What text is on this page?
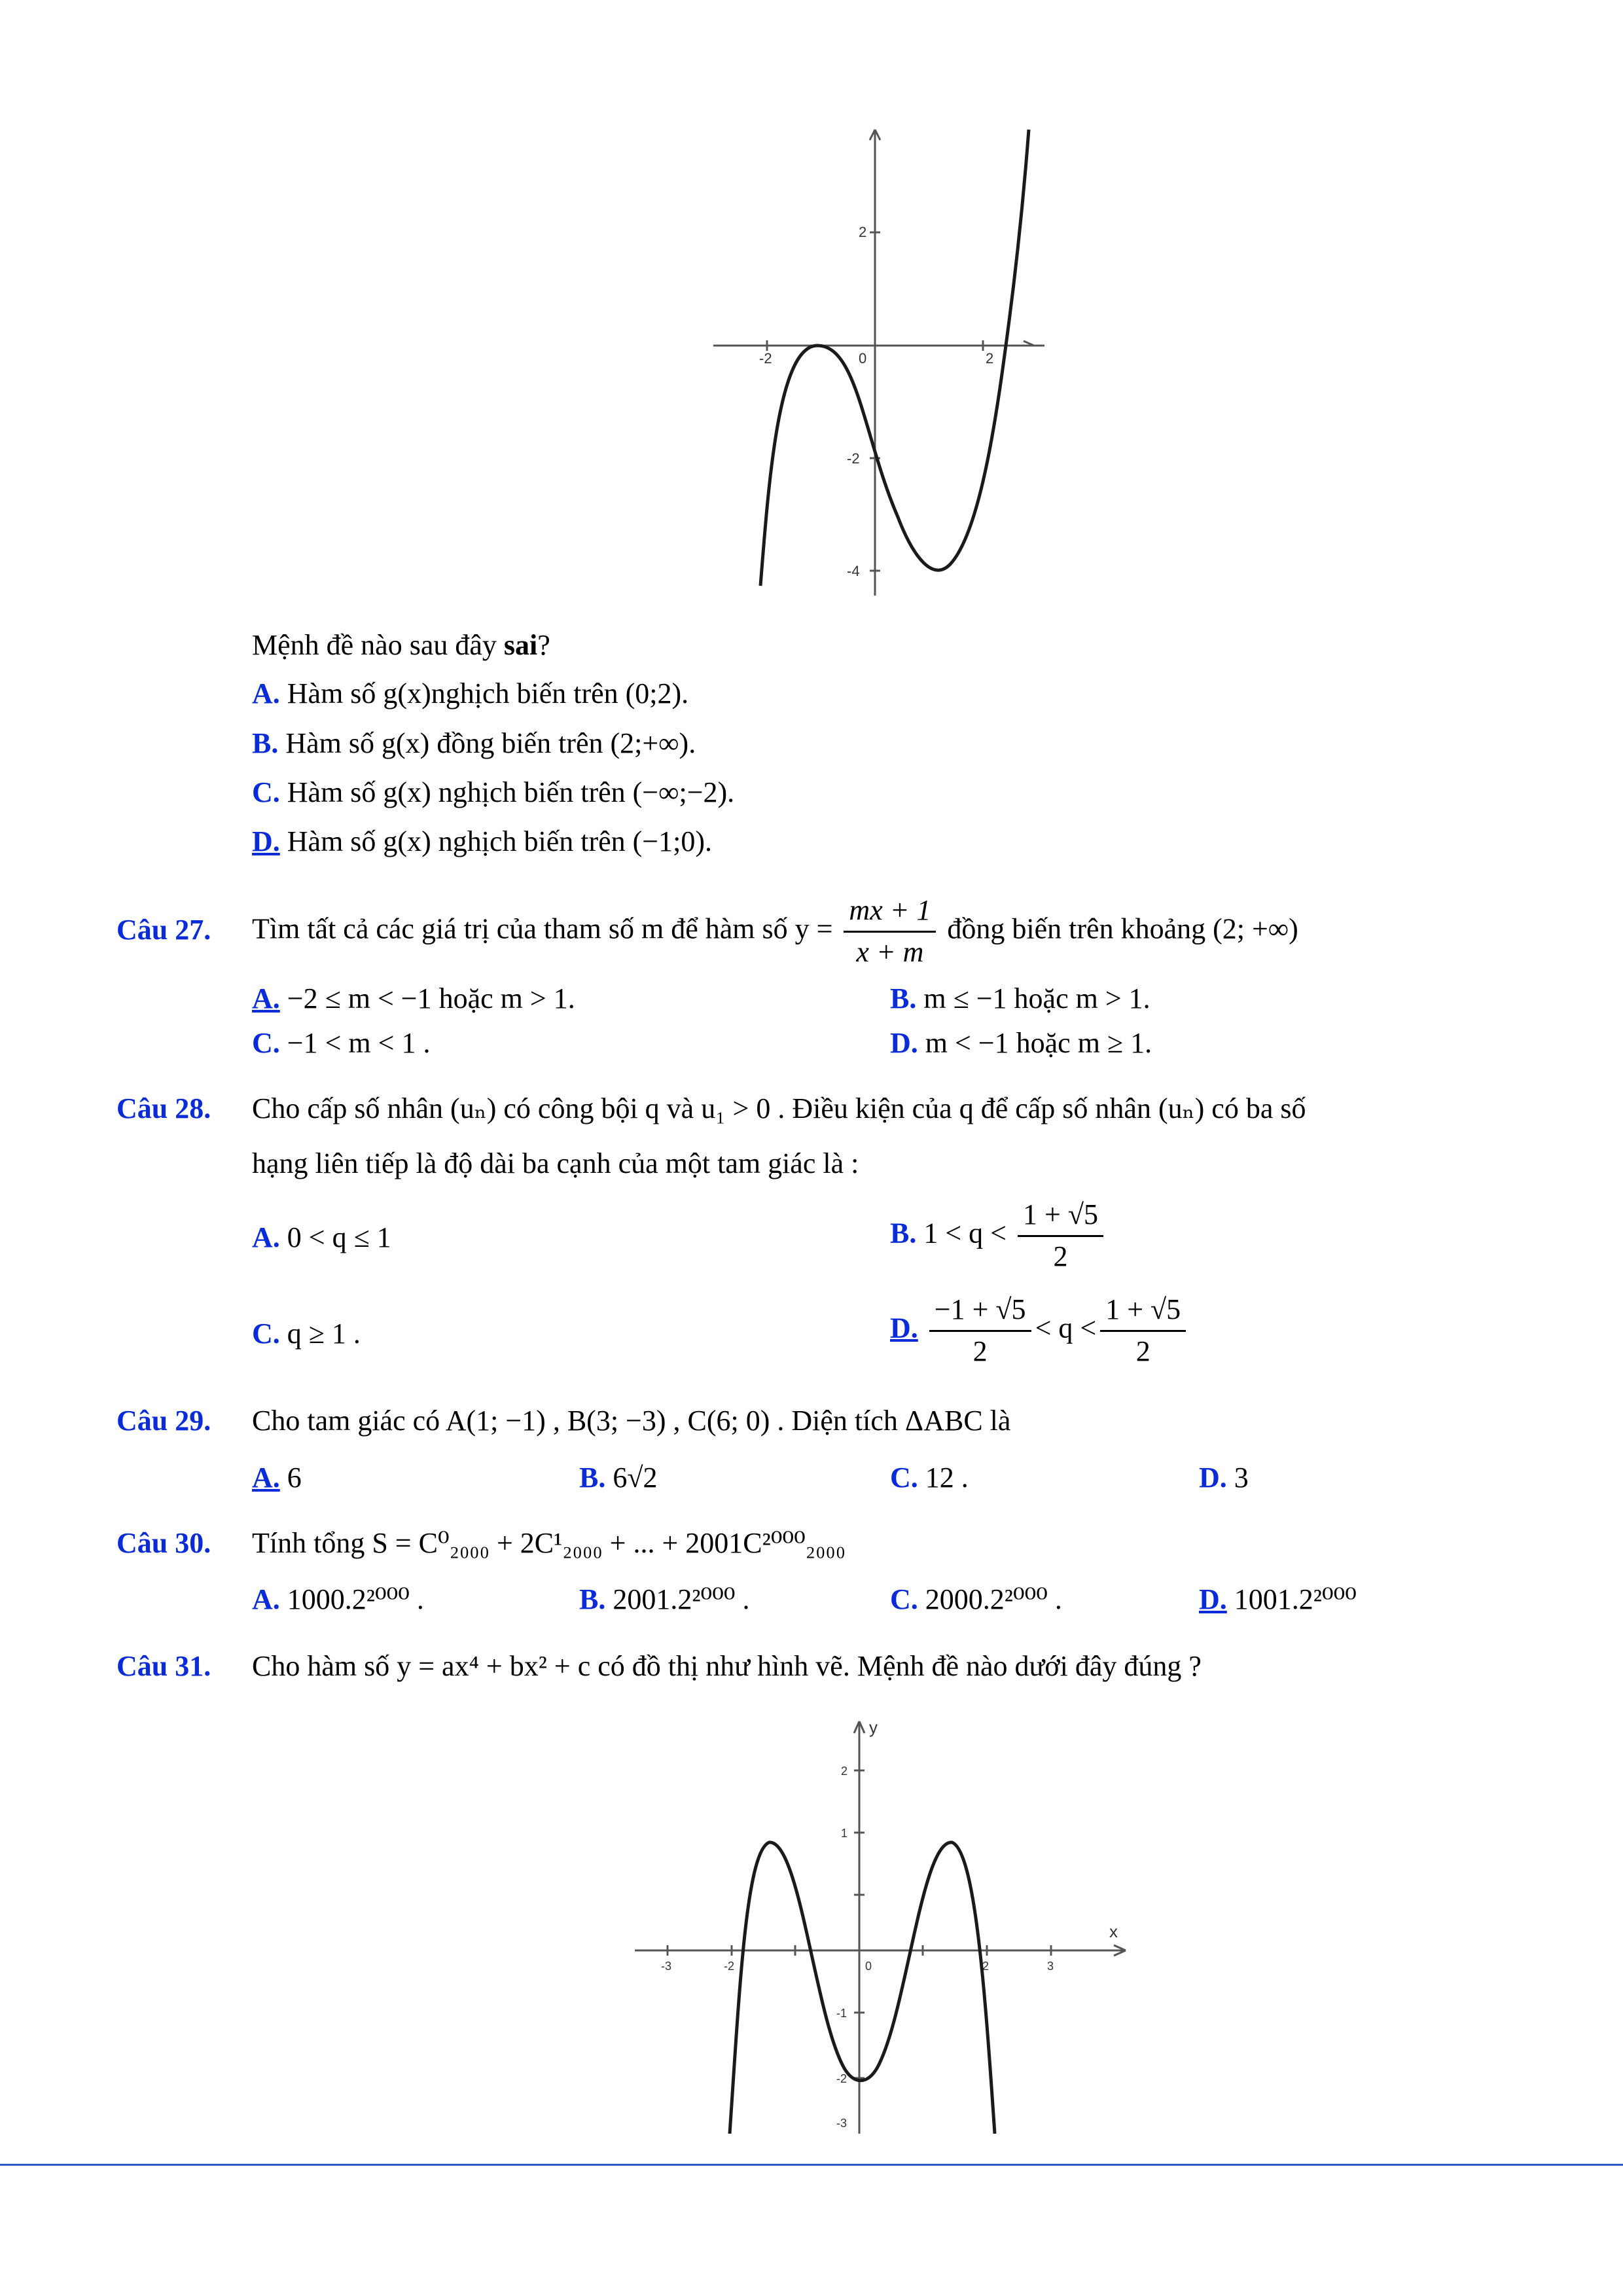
-2	0	2
2
-2
-4
Mệnh đề nào sau đây sai?
A. Hàm số g(x)nghịch biến trên (0;2).
B. Hàm số g(x) đồng biến trên (2;+∞).
C. Hàm số g(x) nghịch biến trên (−∞;−2).
D. Hàm số g(x) nghịch biến trên (−1;0).
Câu 27. Tìm tất cả các giá trị của tham số m để hàm số $y = \frac{mx + 1}{x + m}$ đồng biến trên khoảng (2; +∞)
A. −2 ≤ m < −1 hoặc m > 1.	B. m ≤ −1 hoặc m > 1.
C. −1 < m < 1 .	D. m < −1 hoặc m ≥ 1.
Câu 28. Cho cấp số nhân (uₙ) có công bội q và u₁ > 0 . Điều kiện của q để cấp số nhân (uₙ) có ba số
hạng liên tiếp là độ dài ba cạnh của một tam giác là :
A. 0 < q ≤ 1	B. $1 < q < \frac{1 + √5}{2}$
C. q ≥ 1 .	D. $\frac{-1 + √5}{2} < q < \frac{1 + √5}{2}$
Câu 29. Cho tam giác có A(1; −1) , B(3; −3) , C(6; 0) . Diện tích ΔABC là
A. 6	B. 6√2	C. 12 .	D. 3
Câu 30. Tính tổng S = C⁰₂₀₀₀ + 2C¹₂₀₀₀ + ... + 2001C²⁰⁰⁰₂₀₀₀
A. 1000.2²⁰⁰⁰ .	B. 2001.2²⁰⁰⁰ .	C. 2000.2²⁰⁰⁰ .	D. 1001.2²⁰⁰⁰
Câu 31. Cho hàm số y = ax⁴ + bx² + c có đồ thị như hình vẽ. Mệnh đề nào dưới đây đúng ?
x
y
-3	-2	0	2	3
2
1
-1
-2
-3
